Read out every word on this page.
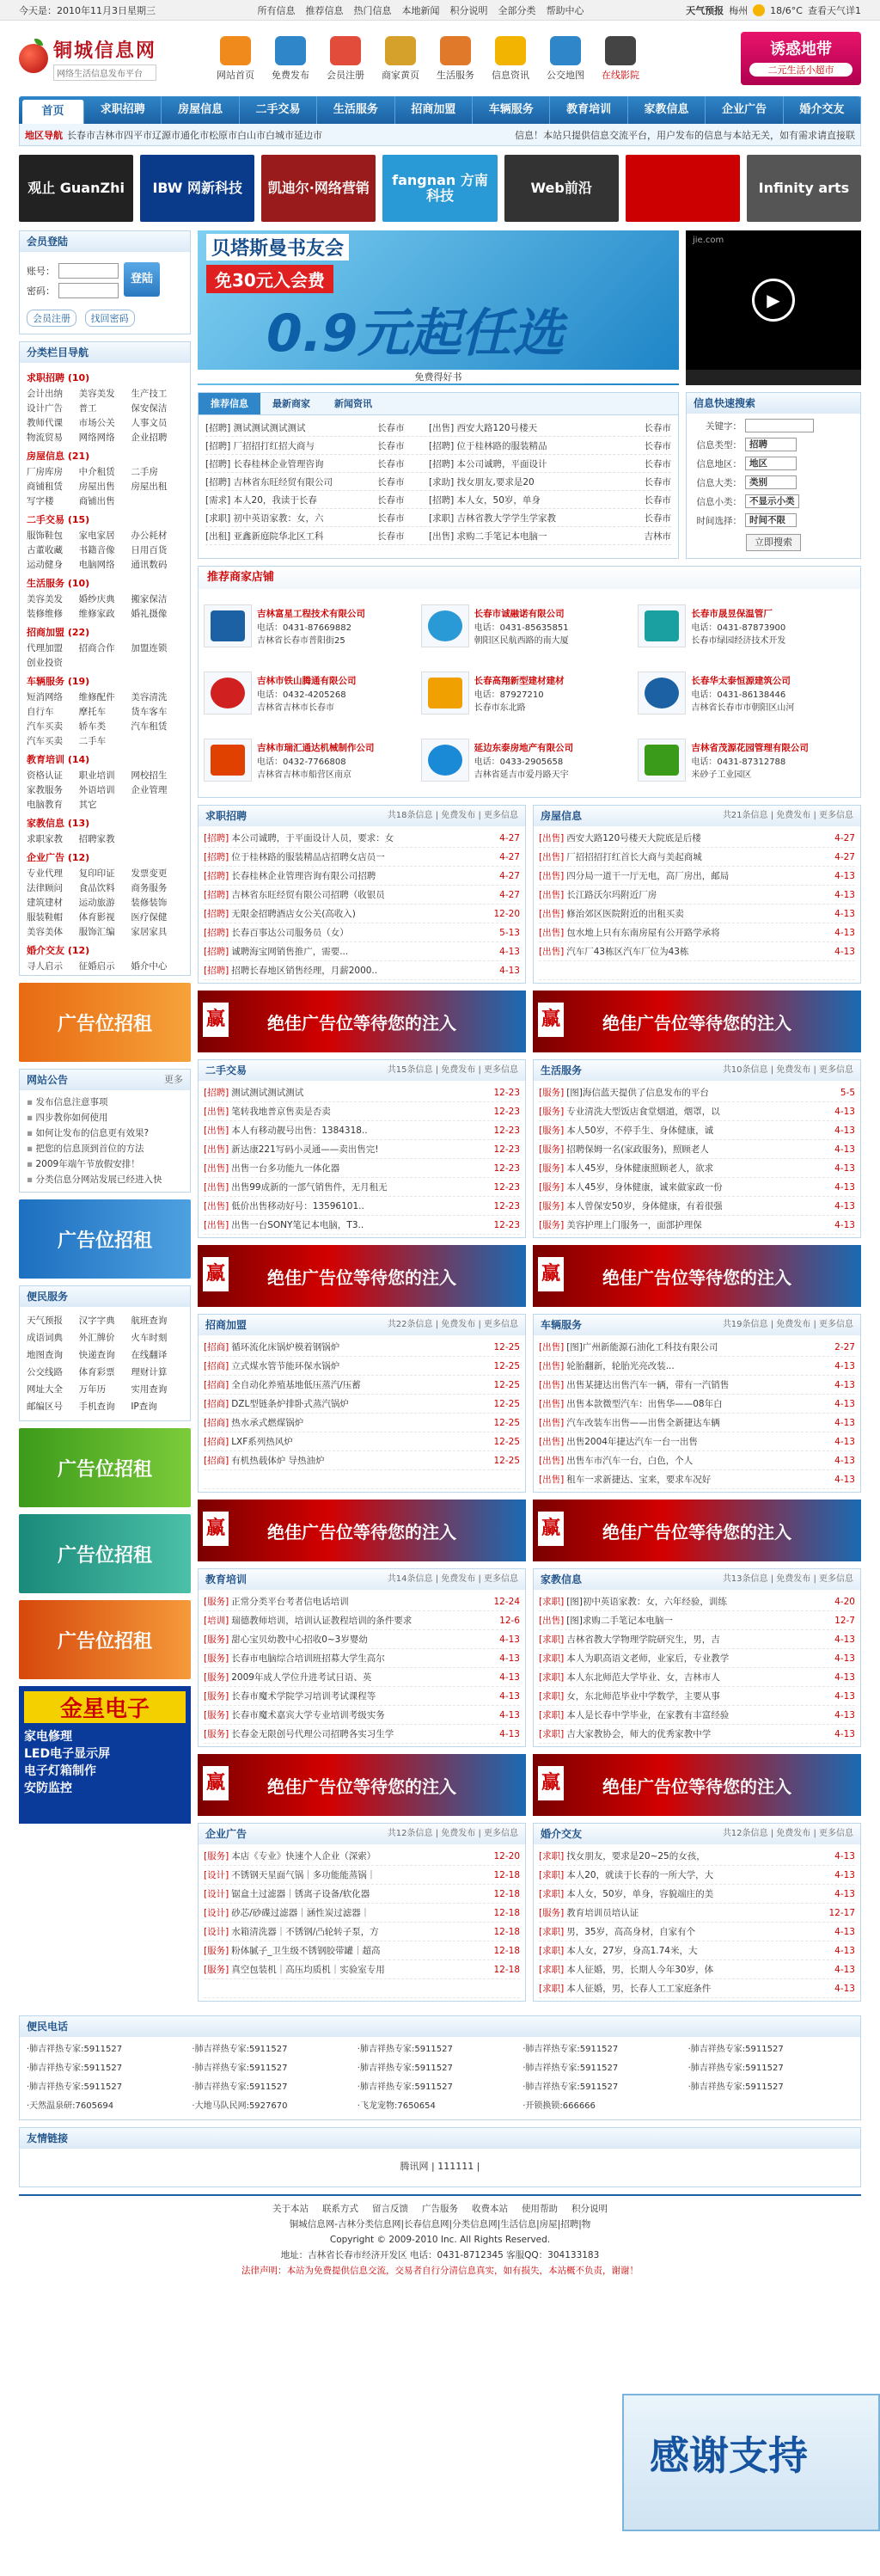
今天是：2010年11月3日星期三	所有信息 推荐信息 热门信息 本地新闻 积分说明 全部分类 帮助中心	天气预报 梅州 18/6°C 查看天气详1
铜城信息网
网络生活信息发布平台	网站首页	免费发布	会员注册	商家黄页	生活服务	信息资讯	公交地图	在线影院
诱惑地带
二元生活小超市
首页	求职招聘	房屋信息	二手交易	生活服务	招商加盟	车辆服务	教育培训	家教信息	企业广告	婚介交友
地区导航 长春市吉林市四平市辽源市通化市松原市白山市白城市延边市	信息！本站只提供信息交流平台，用户发布的信息与本站无关，如有需求请直接联
观止 GuanZhi	IBW 网新科技	凯迪尔·网络营销	fangnan 方南科技	Web前沿	Infinity arts
会员登陆
账号：
密码：
登陆
会员注册 找回密码
分类栏目导航
求职招聘 (10)
会计出纳	美容美发	生产技工
设计广告	普工	保安保洁
教师代课	市场公关	人事文员
物流贸易	网络网络	企业招聘
房屋信息 (21)
厂房库房	中介租赁	二手房
商铺租赁	房屋出售	房屋出租
写字楼	商铺出售
二手交易 (15)
服饰鞋包	家电家居	办公耗材
古董收藏	书籍音像	日用百货
运动健身	电脑网络	通讯数码
生活服务 (10)
美容美发	婚纱庆典	搬家保洁
装修维修	维修家政	婚礼摄像
招商加盟 (22)
代理加盟	招商合作	加盟连锁
创业投资
车辆服务 (19)
短消网络	维修配件	美容清洗
自行车	摩托车	货车客车
汽车买卖	轿车类	汽车租赁
汽车买卖	二手车
教育培训 (14)
资格认证	职业培训	网校招生
家教服务	外语培训	企业管理
电脑教育	其它
家教信息 (13)
求职家教	招聘家教
企业广告 (12)
专业代理	复印印证	发票变更
法律顾问	食品饮料	商务服务
建筑建材	运动旅游	装修装饰
服装鞋帽	体育影视	医疗保健
美容美体	服饰汇编	家居家具
婚介交友 (12)
寻人启示	征婚启示	婚介中心
广告位招租
网站公告	更多
▪ 发布信息注意事项
▪ 四步教你如何使用
▪ 如何让发布的信息更有效果?
▪ 把您的信息顶到首位的方法
▪ 2009年端午节放假安排！
▪ 分类信息分网站发展已经进入快
广告位招租
便民服务
天气预报	汉字字典	航班查询
成语词典	外汇牌价	火车时刻
地图查询	快递查询	在线翻译
公交线路	体育彩票	理财计算
网址大全	万年历	实用查询
邮编区号	手机查询	IP查询
广告位招租
广告位招租
广告位招租
金星电子
家电修理
LED电子显示屏
电子灯箱制作
安防监控
贝塔斯曼书友会
免30元入会费
0.9元起任选
免费得好书
jie.com
▶
推荐信息	最新商家	新闻资讯
[招聘] 测试测试测试测试	长春市	[出售] 西安大路120号楼天	长春市
[招聘] 厂招招打红招大商与	长春市	[招聘] 位于桂林路的服装精品	长春市
[招聘] 长春桂林企业管理咨询	长春市	[招聘] 本公司诚聘，平面设计	长春市
[招聘] 吉林省东旺经贸有限公司	长春市	[求助] 找女朋友,要求是20	长春市
[需求] 本人20，我读于长春	长春市	[招聘] 本人女，50岁，单身	长春市
[求职] 初中英语家教：女，六	长春市	[求职] 吉林省教大学学生学家教	长春市
[出租] 亚鑫新庭院华北区工科	长春市	[出售] 求购二手笔记本电脑一	吉林市
信息快速搜索
关键字：
信息类型： 招聘
信息地区： 地区
信息大类： 类别
信息小类： 不显示小类
时间选择： 时间不限
立即搜索
推荐商家店铺
吉林富星工程技术有限公司
电话：0431-87669882
吉林省长春市普阳街25
长春市诚融诺有限公司
电话：0431-85635851
朝阳区民航西路的南大厦
长春市晟昱保温管厂
电话：0431-87873900
长春市绿园经济技术开发
吉林市铁山腾通有限公司
电话：0432-4205268
吉林省吉林市长春市
长春高翔新型建材建材
电话：87927210
长春市东北路
长春华太泰恒源建筑公司
电话：0431-86138446
吉林省长春市市朝阳区山河
吉林市瑞汇通达机械制作公司
电话：0432-7766808
吉林省吉林市船营区南京
延边东泰房地产有限公司
电话：0433-2905658
吉林省延吉市爱丹路天宇
吉林省茂源花园管理有限公司
电话：0431-87312788
米砂子工业园区
求职招聘	共18条信息 | 免费发布 | 更多信息
[招聘] 本公司诚聘，于平面设计人员，要求：女	4-27
[招聘] 位于桂林路的服装精品店招聘女店员一	4-27
[招聘] 长春桂林企业管理咨询有限公司招聘	4-27
[招聘] 吉林省东旺经贸有限公司招聘（收银员	4-27
[招聘] 无限金招聘酒店女公关(高收入)	12-20
[招聘] 长春百事达公司服务员（女）	5-13
[招聘] 诚聘海宝网销售推广，需要...	4-13
[招聘] 招聘长春地区销售经理，月薪2000..	4-13
房屋信息	共21条信息 | 免费发布 | 更多信息
[出售] 西安大路120号楼天大院底是后楼	4-27
[出售] 厂招招招打红首长大商与美起商城	4-27
[出售] 四分局一道干一厅无电，高厂房出，邮局	4-13
[出售] 长江路沃尔玛附近厂房	4-13
[出售] 修治郊区医院附近的出租买卖	4-13
[出售] 包水地上只有东南房屋有公开路学承将	4-13
[出售] 汽车厂43栋区汽车厂位为43栋	4-13
赢 绝佳广告位等待您的注入	赢 绝佳广告位等待您的注入
二手交易	共15条信息 | 免费发布 | 更多信息
[招聘] 测试测试测试测试	12-23
[出售] 笔转我地普京售卖是否卖	12-23
[出售] 本人有移动靓号出售：1384318..	12-23
[出售] 新达康221写码小灵通——卖出售完!	12-23
[出售] 出售一台多功能九一体化器	12-23
[出售] 出售99成新的一部气销售件，无月租无	12-23
[出售] 低价出售移动好号：13596101..	12-23
[出售] 出售一台SONY笔记本电脑，T3..	12-23
生活服务	共10条信息 | 免费发布 | 更多信息
[服务] [图]海信蓝天提供了信息发布的平台	5-5
[服务] 专业清洗大型饭店食堂烟道，烟罩，以	4-13
[服务] 本人50岁，不停手生、身体健康，诚	4-13
[服务] 招聘保姆一名(家政服务)，照顾老人	4-13
[服务] 本人45岁，身体健康照顾老人，欲求	4-13
[服务] 本人45岁，身体健康，诚来做家政一份	4-13
[服务] 本人曾保安50岁，身体健康，有着很强	4-13
[服务] 美容护理上门服务一，面部护理保	4-13
赢 绝佳广告位等待您的注入	赢 绝佳广告位等待您的注入
招商加盟	共22条信息 | 免费发布 | 更多信息
[招商] 循环流化床锅炉模着钢锅炉	12-25
[招商] 立式煤水管节能环保水锅炉	12-25
[招商] 全自动化养殖基地低压蒸汽/压蓄	12-25
[招商] DZL型链条炉排卧式蒸汽锅炉	12-25
[招商] 热水承式燃煤锅炉	12-25
[招商] LXF系列热风炉	12-25
[招商] 有机热载体炉 导热油炉	12-25
车辆服务	共19条信息 | 免费发布 | 更多信息
[出售] [图]广州新能源石油化工科技有限公司	2-27
[出售] 轮胎翻新，轮胎光亮改装...	4-13
[出售] 出售某捷达出售汽车一辆，带有一汽销售	4-13
[出售] 出售本款微型汽车：出售华——08年白	4-13
[出售] 汽车改装车出售——出售全新捷达车辆	4-13
[出售] 出售2004年捷达汽车一台一出售	4-13
[出售] 出售车市汽车一台，白色，个人	4-13
[出售] 租车一求新捷达、宝来，要求车况好	4-13
赢 绝佳广告位等待您的注入	赢 绝佳广告位等待您的注入
教育培训	共14条信息 | 免费发布 | 更多信息
[服务] 正常分类平台考者信电话培训	12-24
[培训] 瑞德教师培训，培训认证教程培训的条件要求	12-6
[服务] 甜心宝贝幼教中心招收0~3岁婴幼	4-13
[服务] 长春市电脑综合培训班招募大学生高尔	4-13
[服务] 2009年成人学位升进考试日语、英	4-13
[服务] 长春市魔术学院学习培训考试课程等	4-13
[服务] 长春市魔术嘉宾大学专业培训考级实务	4-13
[服务] 长春金无限创号代理公司招聘各实习生学	4-13
家教信息	共13条信息 | 免费发布 | 更多信息
[求职] [图]初中英语家教：女，六年经验，训练	4-20
[出售] [图]求购二手笔记本电脑一	12-7
[求职] 吉林省教大学物理学院研究生，男，吉	4-13
[求职] 本人为职高语文老师，业家后，专业教学	4-13
[求职] 本人东北师范大学毕业、女，吉林市人	4-13
[求职] 女，东北师范毕业中学数学，主要从事	4-13
[求职] 本人是长春中学毕业，在家教有丰富经验	4-13
[求职] 吉大家教协会，师大的优秀家教中学	4-13
赢 绝佳广告位等待您的注入	赢 绝佳广告位等待您的注入
企业广告	共12条信息 | 免费发布 | 更多信息
[服务] 本店《专业》快速个人企业（深索）	12-20
[设计] 不锈钢天星面气锅｜多功能能蒸锅｜	12-18
[设计] 锯盒土过滤器｜锈离子设备/软化器	12-18
[设计] 砂芯/砂碟过滤器｜涵性炭过滤器｜	12-18
[设计] 水箱清洗器｜不锈钢/凸轮转子泵，方	12-18
[服务] 粉体腻子_卫生级不锈钢胶带罐｜超高	12-18
[服务] 真空包装机｜高压均质机｜实验室专用	12-18
婚介交友	共12条信息 | 免费发布 | 更多信息
[求职] 找女朋友，要求是20~25的女孩，	4-13
[求职] 本人20，就读于长春的一所大学，大	4-13
[求职] 本人女，50岁，单身，容貌端庄的美	4-13
[服务] 教育培训员培认证	12-17
[求职] 男，35岁，高高身材，自家有个	4-13
[求职] 本人女，27岁，身高1.74米，大	4-13
[求职] 本人征婚，男，长期人今年30岁，体	4-13
[求职] 本人征婚，男，长春人工工家庭条件	4-13
便民电话
·肺吉祥热专家:5911527	·肺吉祥热专家:5911527	·肺吉祥热专家:5911527	·肺吉祥热专家:5911527	·肺吉祥热专家:5911527
·肺吉祥热专家:5911527	·肺吉祥热专家:5911527	·肺吉祥热专家:5911527	·肺吉祥热专家:5911527	·肺吉祥热专家:5911527
·肺吉祥热专家:5911527	·肺吉祥热专家:5911527	·肺吉祥热专家:5911527	·肺吉祥热专家:5911527	·肺吉祥热专家:5911527
·天然温泉研:7605694	·大地马队民网:5927670	·飞龙宠物:7650654	·开锁换锁:666666
友情链接
腾讯网 | 111111 |
关于本站 联系方式 留言反馈 广告服务 收费本站 使用帮助 积分说明
铜城信息网-吉林分类信息网|长春信息网|分类信息网|生活信息|房屋|招聘|物
Copyright © 2009-2010 Inc. All Rights Reserved.
地址：吉林省长春市经济开发区 电话：0431-8712345 客服QQ：304133183
法律声明：本站为免费提供信息交流，交易者自行分清信息真实，如有损失，本站概不负责，谢谢！
感谢支持
